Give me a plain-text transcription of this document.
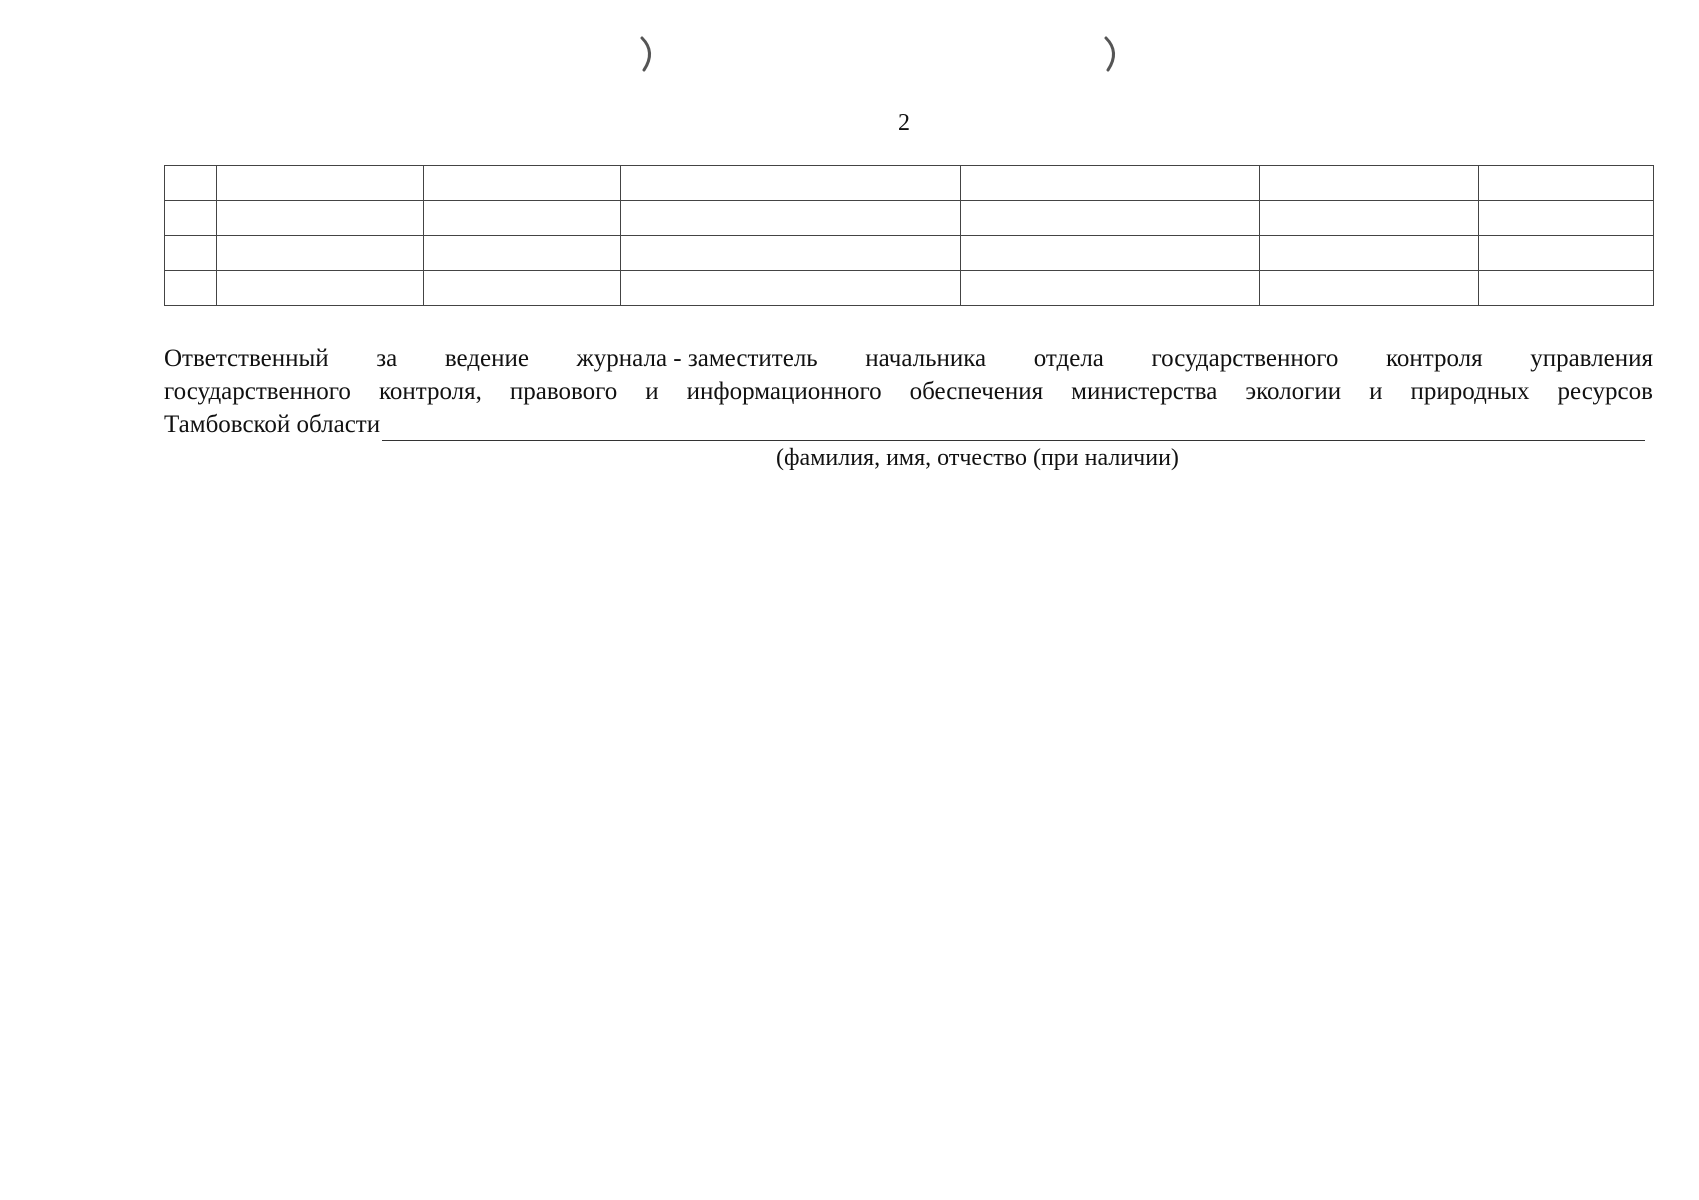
2

Ответственный за ведение журнала - заместитель начальника отдела государственного контроля управления
государственного контроля, правового и информационного обеспечения министерства экологии и природных ресурсов
Тамбовской области
(фамилия, имя, отчество (при наличии)
